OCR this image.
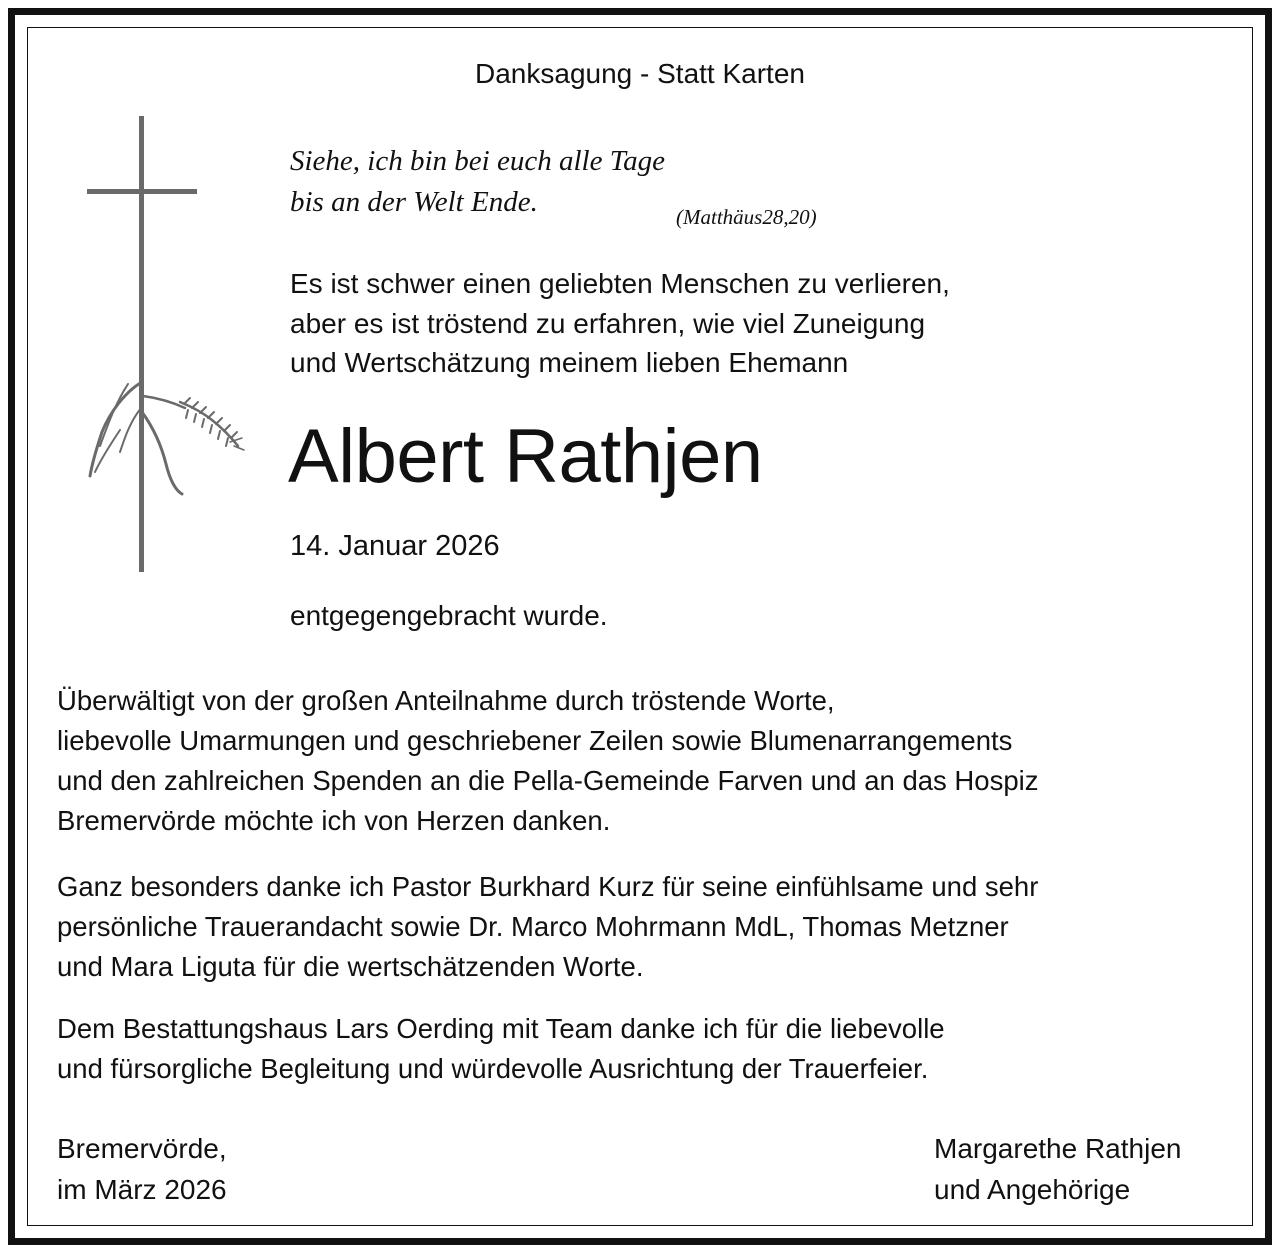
Danksagung - Statt Karten
Siehe, ich bin bei euch alle Tage
bis an der Welt Ende.	(Matthäus28,20)
Es ist schwer einen geliebten Menschen zu verlieren,
aber es ist tröstend zu erfahren, wie viel Zuneigung
und Wertschätzung meinem lieben Ehemann
Albert Rathjen
14. Januar 2026
entgegengebracht wurde.
Überwältigt von der großen Anteilnahme durch tröstende Worte,
liebevolle Umarmungen und geschriebener Zeilen sowie Blumenarrangements
und den zahlreichen Spenden an die Pella-Gemeinde Farven und an das Hospiz
Bremervörde möchte ich von Herzen danken.
Ganz besonders danke ich Pastor Burkhard Kurz für seine einfühlsame und sehr
persönliche Trauerandacht sowie Dr. Marco Mohrmann MdL, Thomas Metzner
und Mara Liguta für die wertschätzenden Worte.
Dem Bestattungshaus Lars Oerding mit Team danke ich für die liebevolle
und fürsorgliche Begleitung und würdevolle Ausrichtung der Trauerfeier.
Bremervörde,
im März 2026
Margarethe Rathjen
und Angehörige
